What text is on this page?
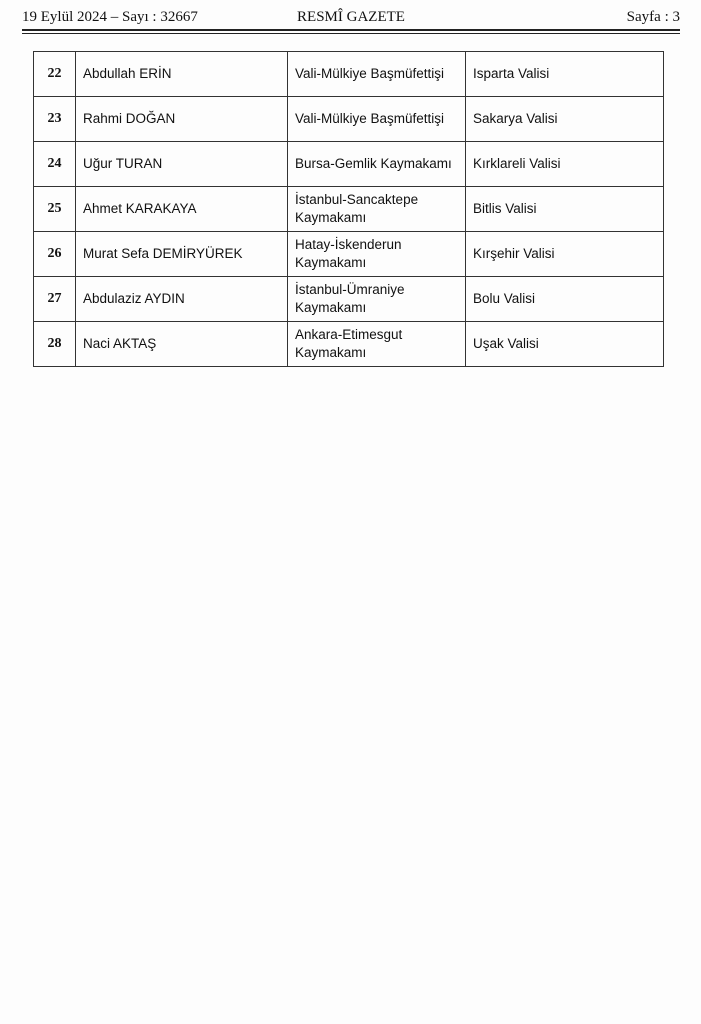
19 Eylül 2024 – Sayı : 32667	RESMÎ GAZETE	Sayfa : 3
22	Abdullah ERİN	Vali-Mülkiye Başmüfettişi	Isparta Valisi
23	Rahmi DOĞAN	Vali-Mülkiye Başmüfettişi	Sakarya Valisi
24	Uğur TURAN	Bursa-Gemlik Kaymakamı	Kırklareli Valisi
25	Ahmet KARAKAYA	İstanbul-Sancaktepe Kaymakamı	Bitlis Valisi
26	Murat Sefa DEMİRYÜREK	Hatay-İskenderun Kaymakamı	Kırşehir Valisi
27	Abdulaziz AYDIN	İstanbul-Ümraniye Kaymakamı	Bolu Valisi
28	Naci AKTAŞ	Ankara-Etimesgut Kaymakamı	Uşak Valisi
